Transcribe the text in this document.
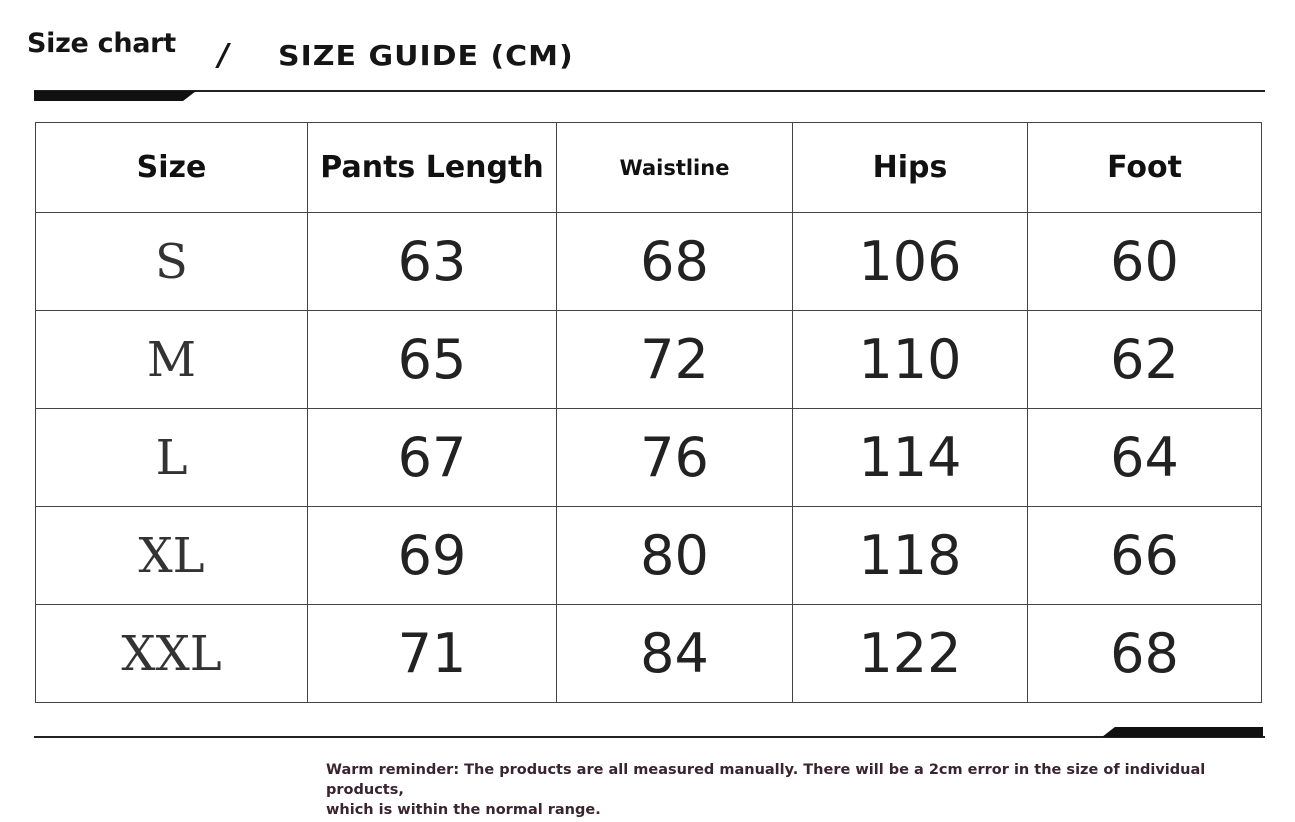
Size chart / SIZE GUIDE (CM)
Size	Pants Length	Waistline	Hips	Foot
S	63	68	106	60
M	65	72	110	62
L	67	76	114	64
XL	69	80	118	66
XXL	71	84	122	68
Warm reminder: The products are all measured manually. There will be a 2cm error in the size of individual products,
which is within the normal range.
